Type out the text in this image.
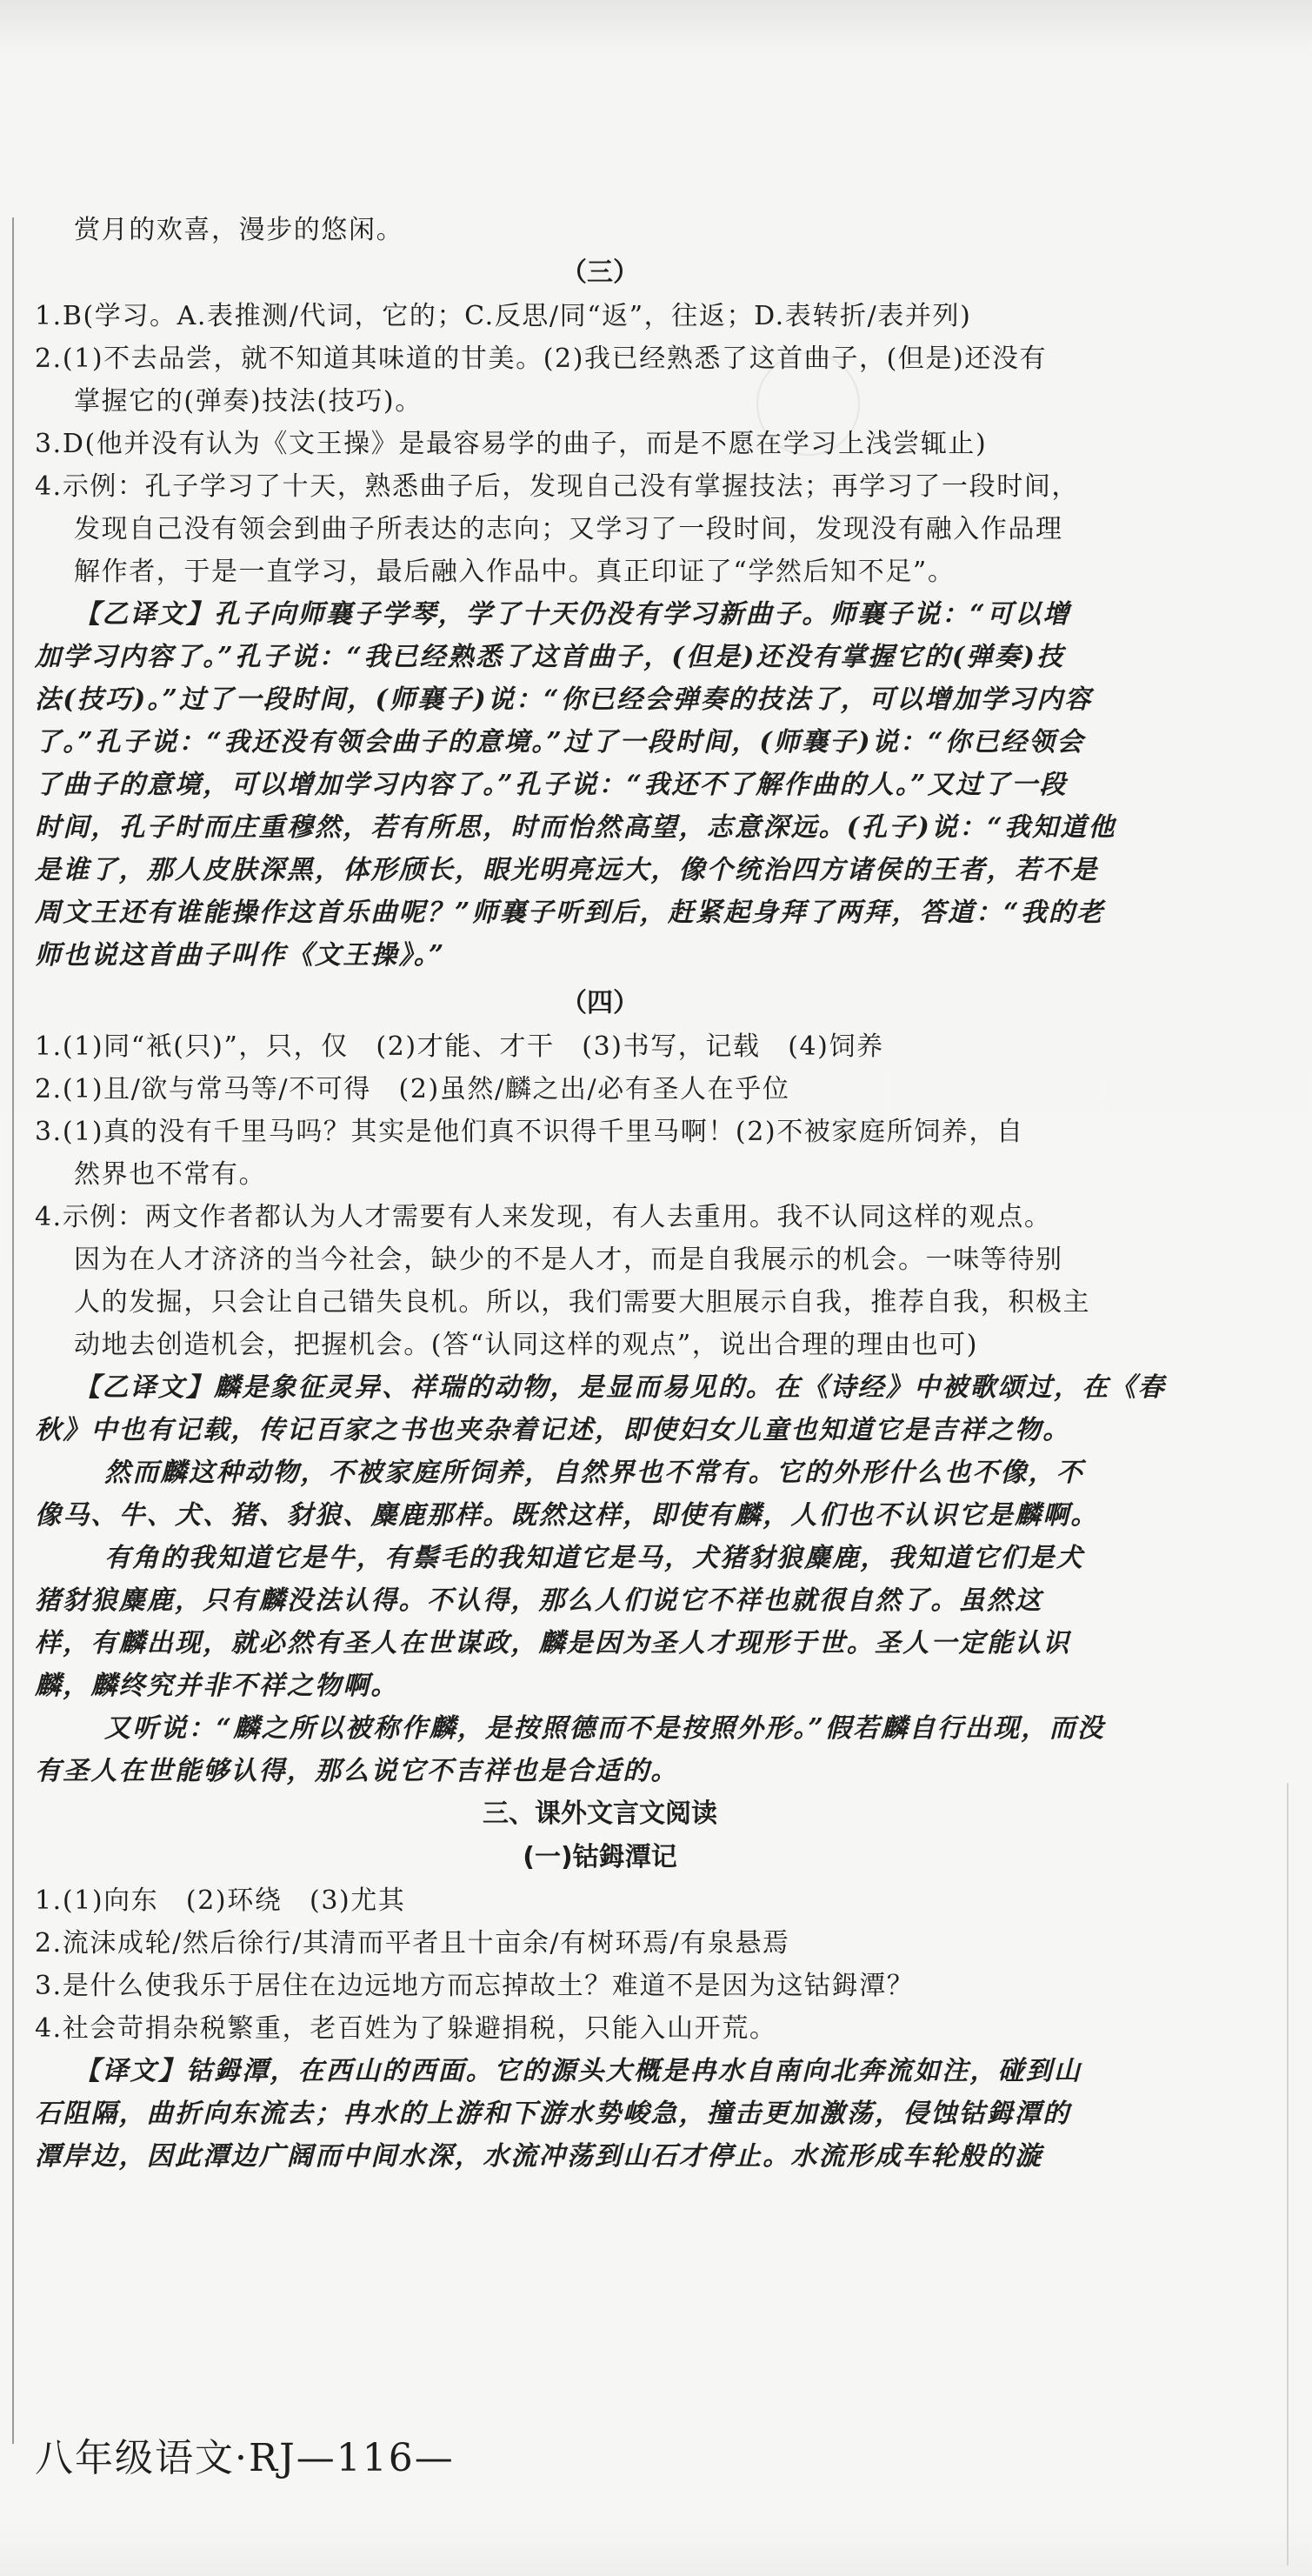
赏月的欢喜，漫步的悠闲。
（三）
1.B(学习。A.表推测/代词，它的；C.反思/同“返”，往返；D.表转折/表并列)
2.(1)不去品尝，就不知道其味道的甘美。(2)我已经熟悉了这首曲子，(但是)还没有
掌握它的(弹奏)技法(技巧)。
3.D(他并没有认为《文王操》是最容易学的曲子，而是不愿在学习上浅尝辄止)
4.示例：孔子学习了十天，熟悉曲子后，发现自己没有掌握技法；再学习了一段时间，
发现自己没有领会到曲子所表达的志向；又学习了一段时间，发现没有融入作品理
解作者，于是一直学习，最后融入作品中。真正印证了“学然后知不足”。
【乙译文】孔子向师襄子学琴，学了十天仍没有学习新曲子。师襄子说：“可以增
加学习内容了。”孔子说：“我已经熟悉了这首曲子，(但是)还没有掌握它的(弹奏)技
法(技巧)。”过了一段时间，(师襄子)说：“你已经会弹奏的技法了，可以增加学习内容
了。”孔子说：“我还没有领会曲子的意境。”过了一段时间，(师襄子)说：“你已经领会
了曲子的意境，可以增加学习内容了。”孔子说：“我还不了解作曲的人。”又过了一段
时间，孔子时而庄重穆然，若有所思，时而怡然高望，志意深远。(孔子)说：“我知道他
是谁了，那人皮肤深黑，体形颀长，眼光明亮远大，像个统治四方诸侯的王者，若不是
周文王还有谁能操作这首乐曲呢？”师襄子听到后，赶紧起身拜了两拜，答道：“我的老
师也说这首曲子叫作《文王操》。”
（四）
1.(1)同“衹(只)”，只，仅　(2)才能、才干　(3)书写，记载　(4)饲养
2.(1)且/欲与常马等/不可得　(2)虽然/麟之出/必有圣人在乎位
3.(1)真的没有千里马吗？其实是他们真不识得千里马啊！(2)不被家庭所饲养，自
然界也不常有。
4.示例：两文作者都认为人才需要有人来发现，有人去重用。我不认同这样的观点。
因为在人才济济的当今社会，缺少的不是人才，而是自我展示的机会。一味等待别
人的发掘，只会让自己错失良机。所以，我们需要大胆展示自我，推荐自我，积极主
动地去创造机会，把握机会。(答“认同这样的观点”，说出合理的理由也可)
【乙译文】麟是象征灵异、祥瑞的动物，是显而易见的。在《诗经》中被歌颂过，在《春
秋》中也有记载，传记百家之书也夹杂着记述，即使妇女儿童也知道它是吉祥之物。
然而麟这种动物，不被家庭所饲养，自然界也不常有。它的外形什么也不像，不
像马、牛、犬、猪、豺狼、麋鹿那样。既然这样，即使有麟，人们也不认识它是麟啊。
有角的我知道它是牛，有鬃毛的我知道它是马，犬猪豺狼麋鹿，我知道它们是犬
猪豺狼麋鹿，只有麟没法认得。不认得，那么人们说它不祥也就很自然了。虽然这
样，有麟出现，就必然有圣人在世谋政，麟是因为圣人才现形于世。圣人一定能认识
麟，麟终究并非不祥之物啊。
又听说：“麟之所以被称作麟，是按照德而不是按照外形。”假若麟自行出现，而没
有圣人在世能够认得，那么说它不吉祥也是合适的。
三、课外文言文阅读
(一)钴鉧潭记
1.(1)向东　(2)环绕　(3)尤其
2.流沫成轮/然后徐行/其清而平者且十亩余/有树环焉/有泉悬焉
3.是什么使我乐于居住在边远地方而忘掉故土？难道不是因为这钴鉧潭？
4.社会苛捐杂税繁重，老百姓为了躲避捐税，只能入山开荒。
【译文】钴鉧潭，在西山的西面。它的源头大概是冉水自南向北奔流如注，碰到山
石阻隔，曲折向东流去；冉水的上游和下游水势峻急，撞击更加激荡，侵蚀钴鉧潭的
潭岸边，因此潭边广阔而中间水深，水流冲荡到山石才停止。水流形成车轮般的漩
八年级语文·RJ—116—
